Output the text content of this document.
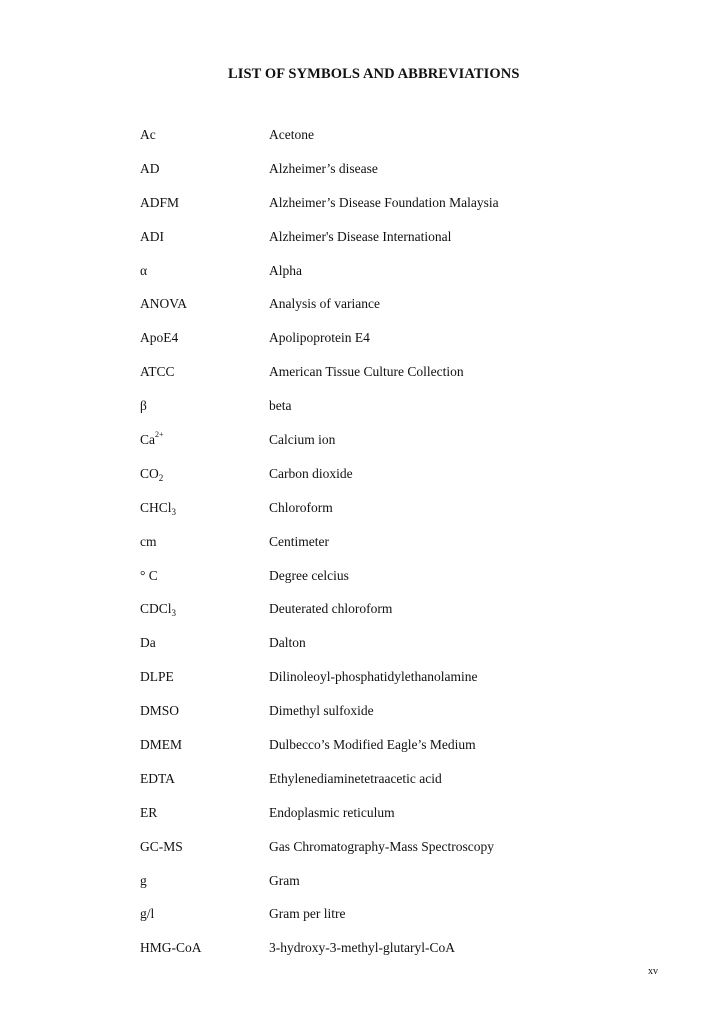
LIST OF SYMBOLS AND ABBREVIATIONS
Ac	Acetone
AD	Alzheimer’s disease
ADFM	Alzheimer’s Disease Foundation Malaysia
ADI	Alzheimer's Disease International
α	Alpha
ANOVA	Analysis of variance
ApoE4	Apolipoprotein E4
ATCC	American Tissue Culture Collection
β	beta
$Ca^{2+}$	Calcium ion
$CO_2$	Carbon dioxide
CHCl$_3$	Chloroform
cm	Centimeter
° C	Degree celcius
CDCl$_3$	Deuterated chloroform
Da	Dalton
DLPE	Dilinoleoyl-phosphatidylethanolamine
DMSO	Dimethyl sulfoxide
DMEM	Dulbecco’s Modified Eagle’s Medium
EDTA	Ethylenediaminetetraacetic acid
ER	Endoplasmic reticulum
GC-MS	Gas Chromatography-Mass Spectroscopy
g	Gram
g/l	Gram per litre
HMG-CoA	3-hydroxy-3-methyl-glutaryl-CoA
xv
